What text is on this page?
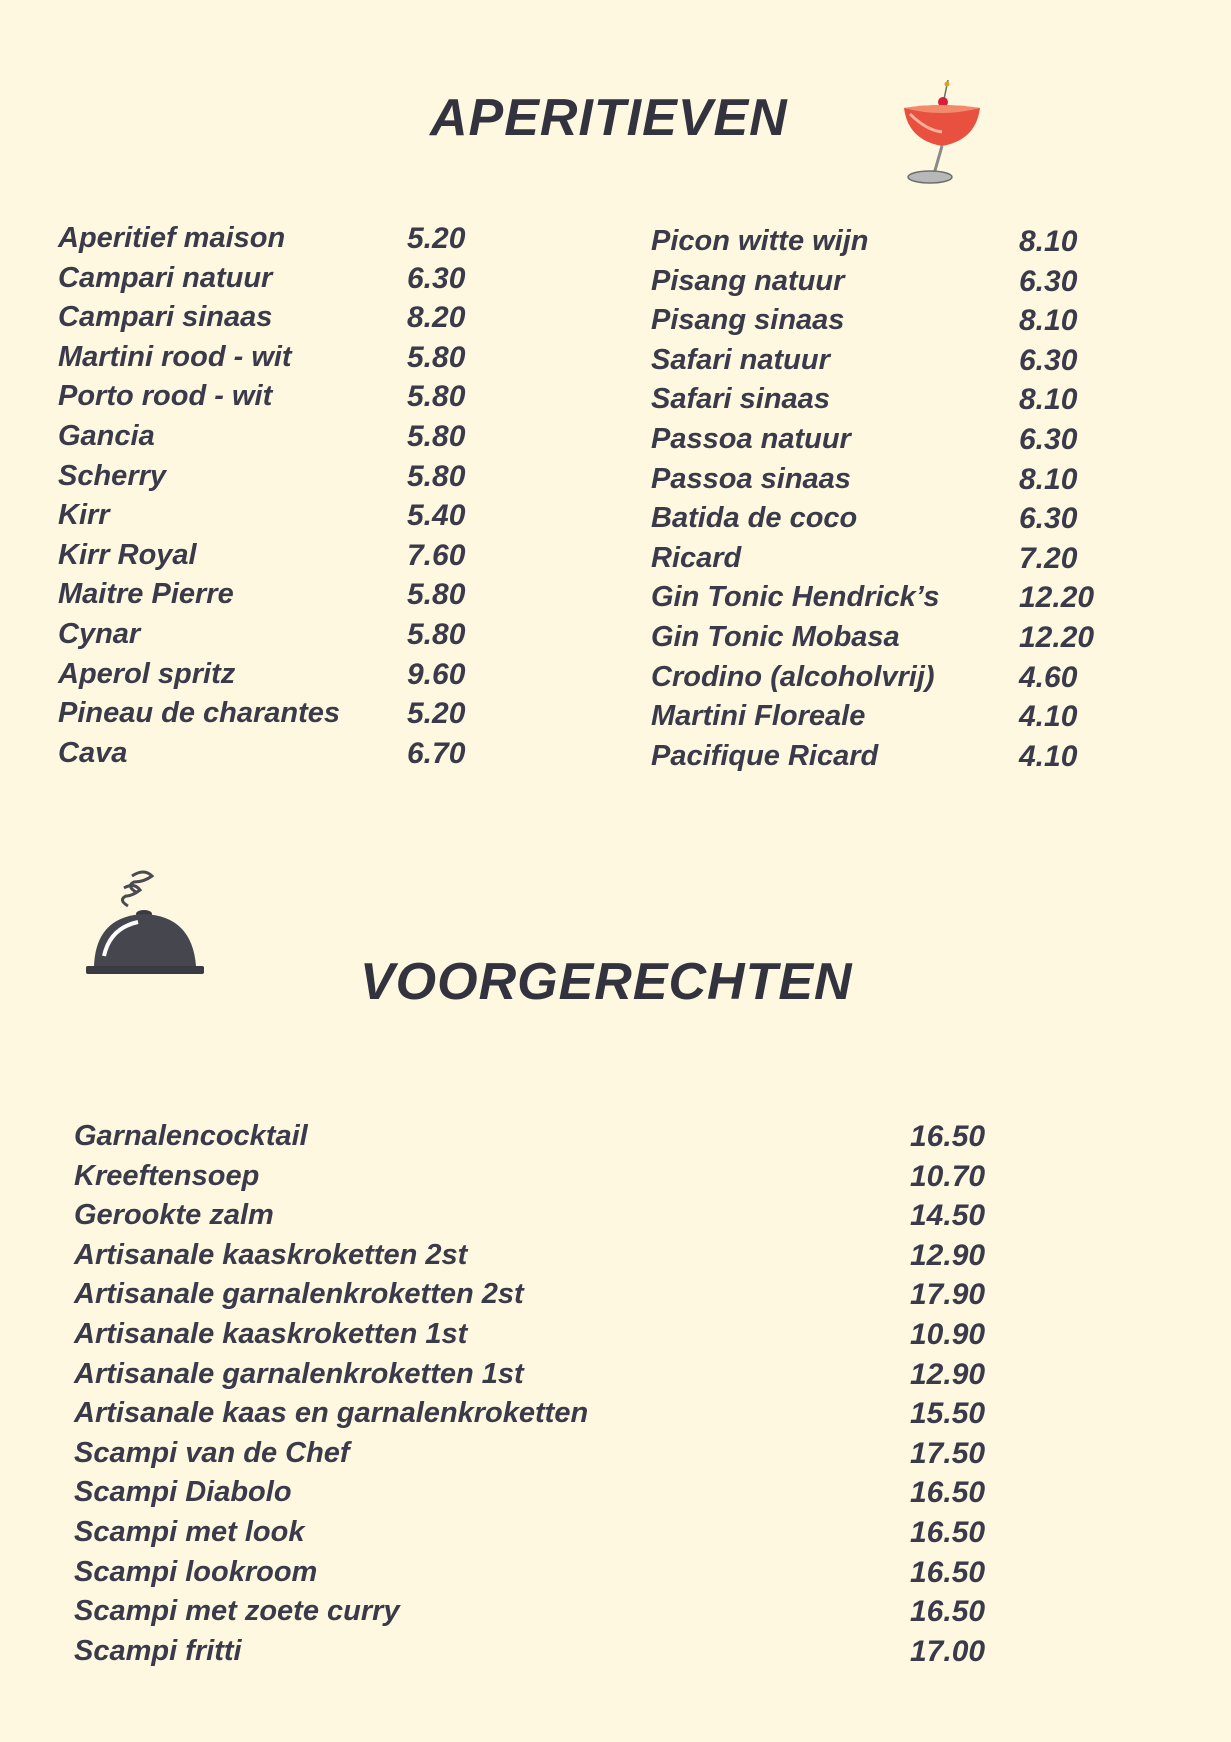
APERITIEVEN
Aperitief maison	5.20
Campari natuur	6.30
Campari sinaas	8.20
Martini rood - wit	5.80
Porto rood - wit	5.80
Gancia	5.80
Scherry	5.80
Kirr	5.40
Kirr Royal	7.60
Maitre Pierre	5.80
Cynar	5.80
Aperol spritz	9.60
Pineau de charantes 5.20
Cava	6.70
Picon witte wijn	8.10
Pisang natuur	6.30
Pisang sinaas	8.10
Safari natuur	6.30
Safari sinaas	8.10
Passoa natuur	6.30
Passoa sinaas	8.10
Batida de coco	6.30
Ricard	7.20
Gin Tonic Hendrick’s	12.20
Gin Tonic Mobasa	12.20
Crodino (alcoholvrij)	4.60
Martini Floreale	4.10
Pacifique Ricard	4.10
VOORGERECHTEN
Garnalencocktail	16.50
Kreeftensoep	10.70
Gerookte zalm	14.50
Artisanale kaaskroketten 2st	12.90
Artisanale garnalenkroketten 2st	17.90
Artisanale kaaskroketten 1st	10.90
Artisanale garnalenkroketten 1st	12.90
Artisanale kaas en garnalenkroketten	15.50
Scampi van de Chef	17.50
Scampi Diabolo	16.50
Scampi met look	16.50
Scampi lookroom	16.50
Scampi met zoete curry	16.50
Scampi fritti	17.00
